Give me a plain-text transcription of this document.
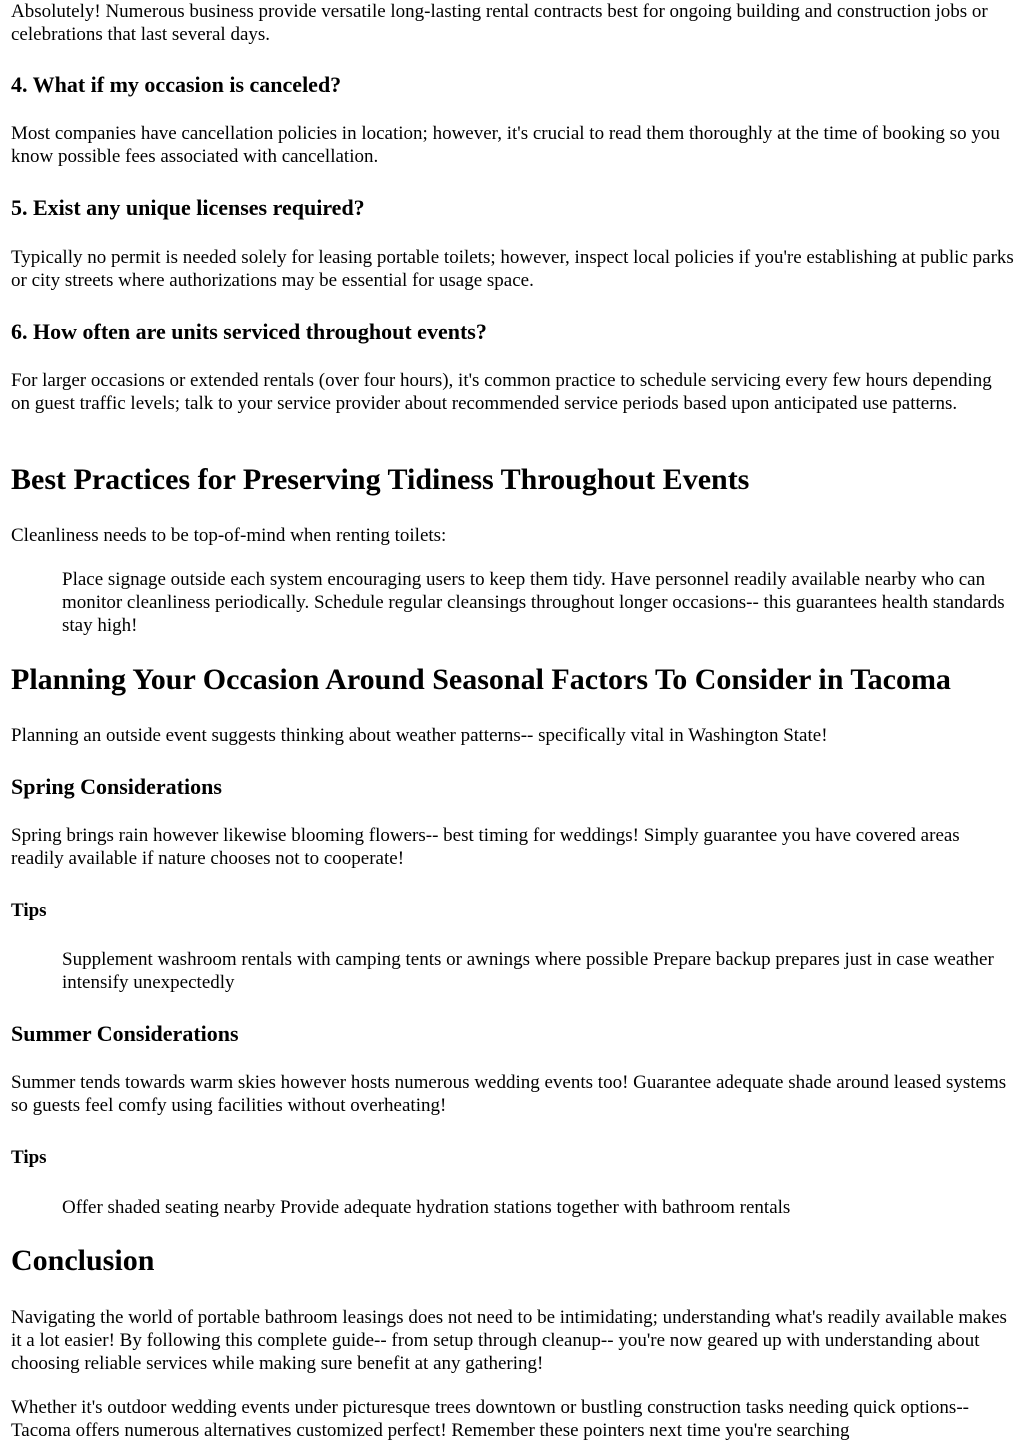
Absolutely! Numerous business provide versatile long-lasting rental contracts best for ongoing building and construction jobs or celebrations that last several days.

4. What if my occasion is canceled?

Most companies have cancellation policies in location; however, it's crucial to read them thoroughly at the time of booking so you know possible fees associated with cancellation.

5. Exist any unique licenses required?

Typically no permit is needed solely for leasing portable toilets; however, inspect local policies if you're establishing at public parks or city streets where authorizations may be essential for usage space.

6. How often are units serviced throughout events?

For larger occasions or extended rentals (over four hours), it's common practice to schedule servicing every few hours depending on guest traffic levels; talk to your service provider about recommended service periods based upon anticipated use patterns.

Best Practices for Preserving Tidiness Throughout Events

Cleanliness needs to be top-of-mind when renting toilets:

Place signage outside each system encouraging users to keep them tidy. Have personnel readily available nearby who can monitor cleanliness periodically. Schedule regular cleansings throughout longer occasions-- this guarantees health standards stay high!
Planning Your Occasion Around Seasonal Factors To Consider in Tacoma

Planning an outside event suggests thinking about weather patterns-- specifically vital in Washington State!

Spring Considerations

Spring brings rain however likewise blooming flowers-- best timing for weddings! Simply guarantee you have covered areas readily available if nature chooses not to cooperate!

Tips
Supplement washroom rentals with camping tents or awnings where possible Prepare backup prepares just in case weather intensify unexpectedly
Summer Considerations

Summer tends towards warm skies however hosts numerous wedding events too! Guarantee adequate shade around leased systems so guests feel comfy using facilities without overheating!

Tips
Offer shaded seating nearby Provide adequate hydration stations together with bathroom rentals
Conclusion

Navigating the world of portable bathroom leasings does not need to be intimidating; understanding what's readily available makes it a lot easier! By following this complete guide-- from setup through cleanup-- you're now geared up with understanding about choosing reliable services while making sure benefit at any gathering!

Whether it's outdoor wedding events under picturesque trees downtown or bustling construction tasks needing quick options-- Tacoma offers numerous alternatives customized perfect! Remember these pointers next time you're searching
